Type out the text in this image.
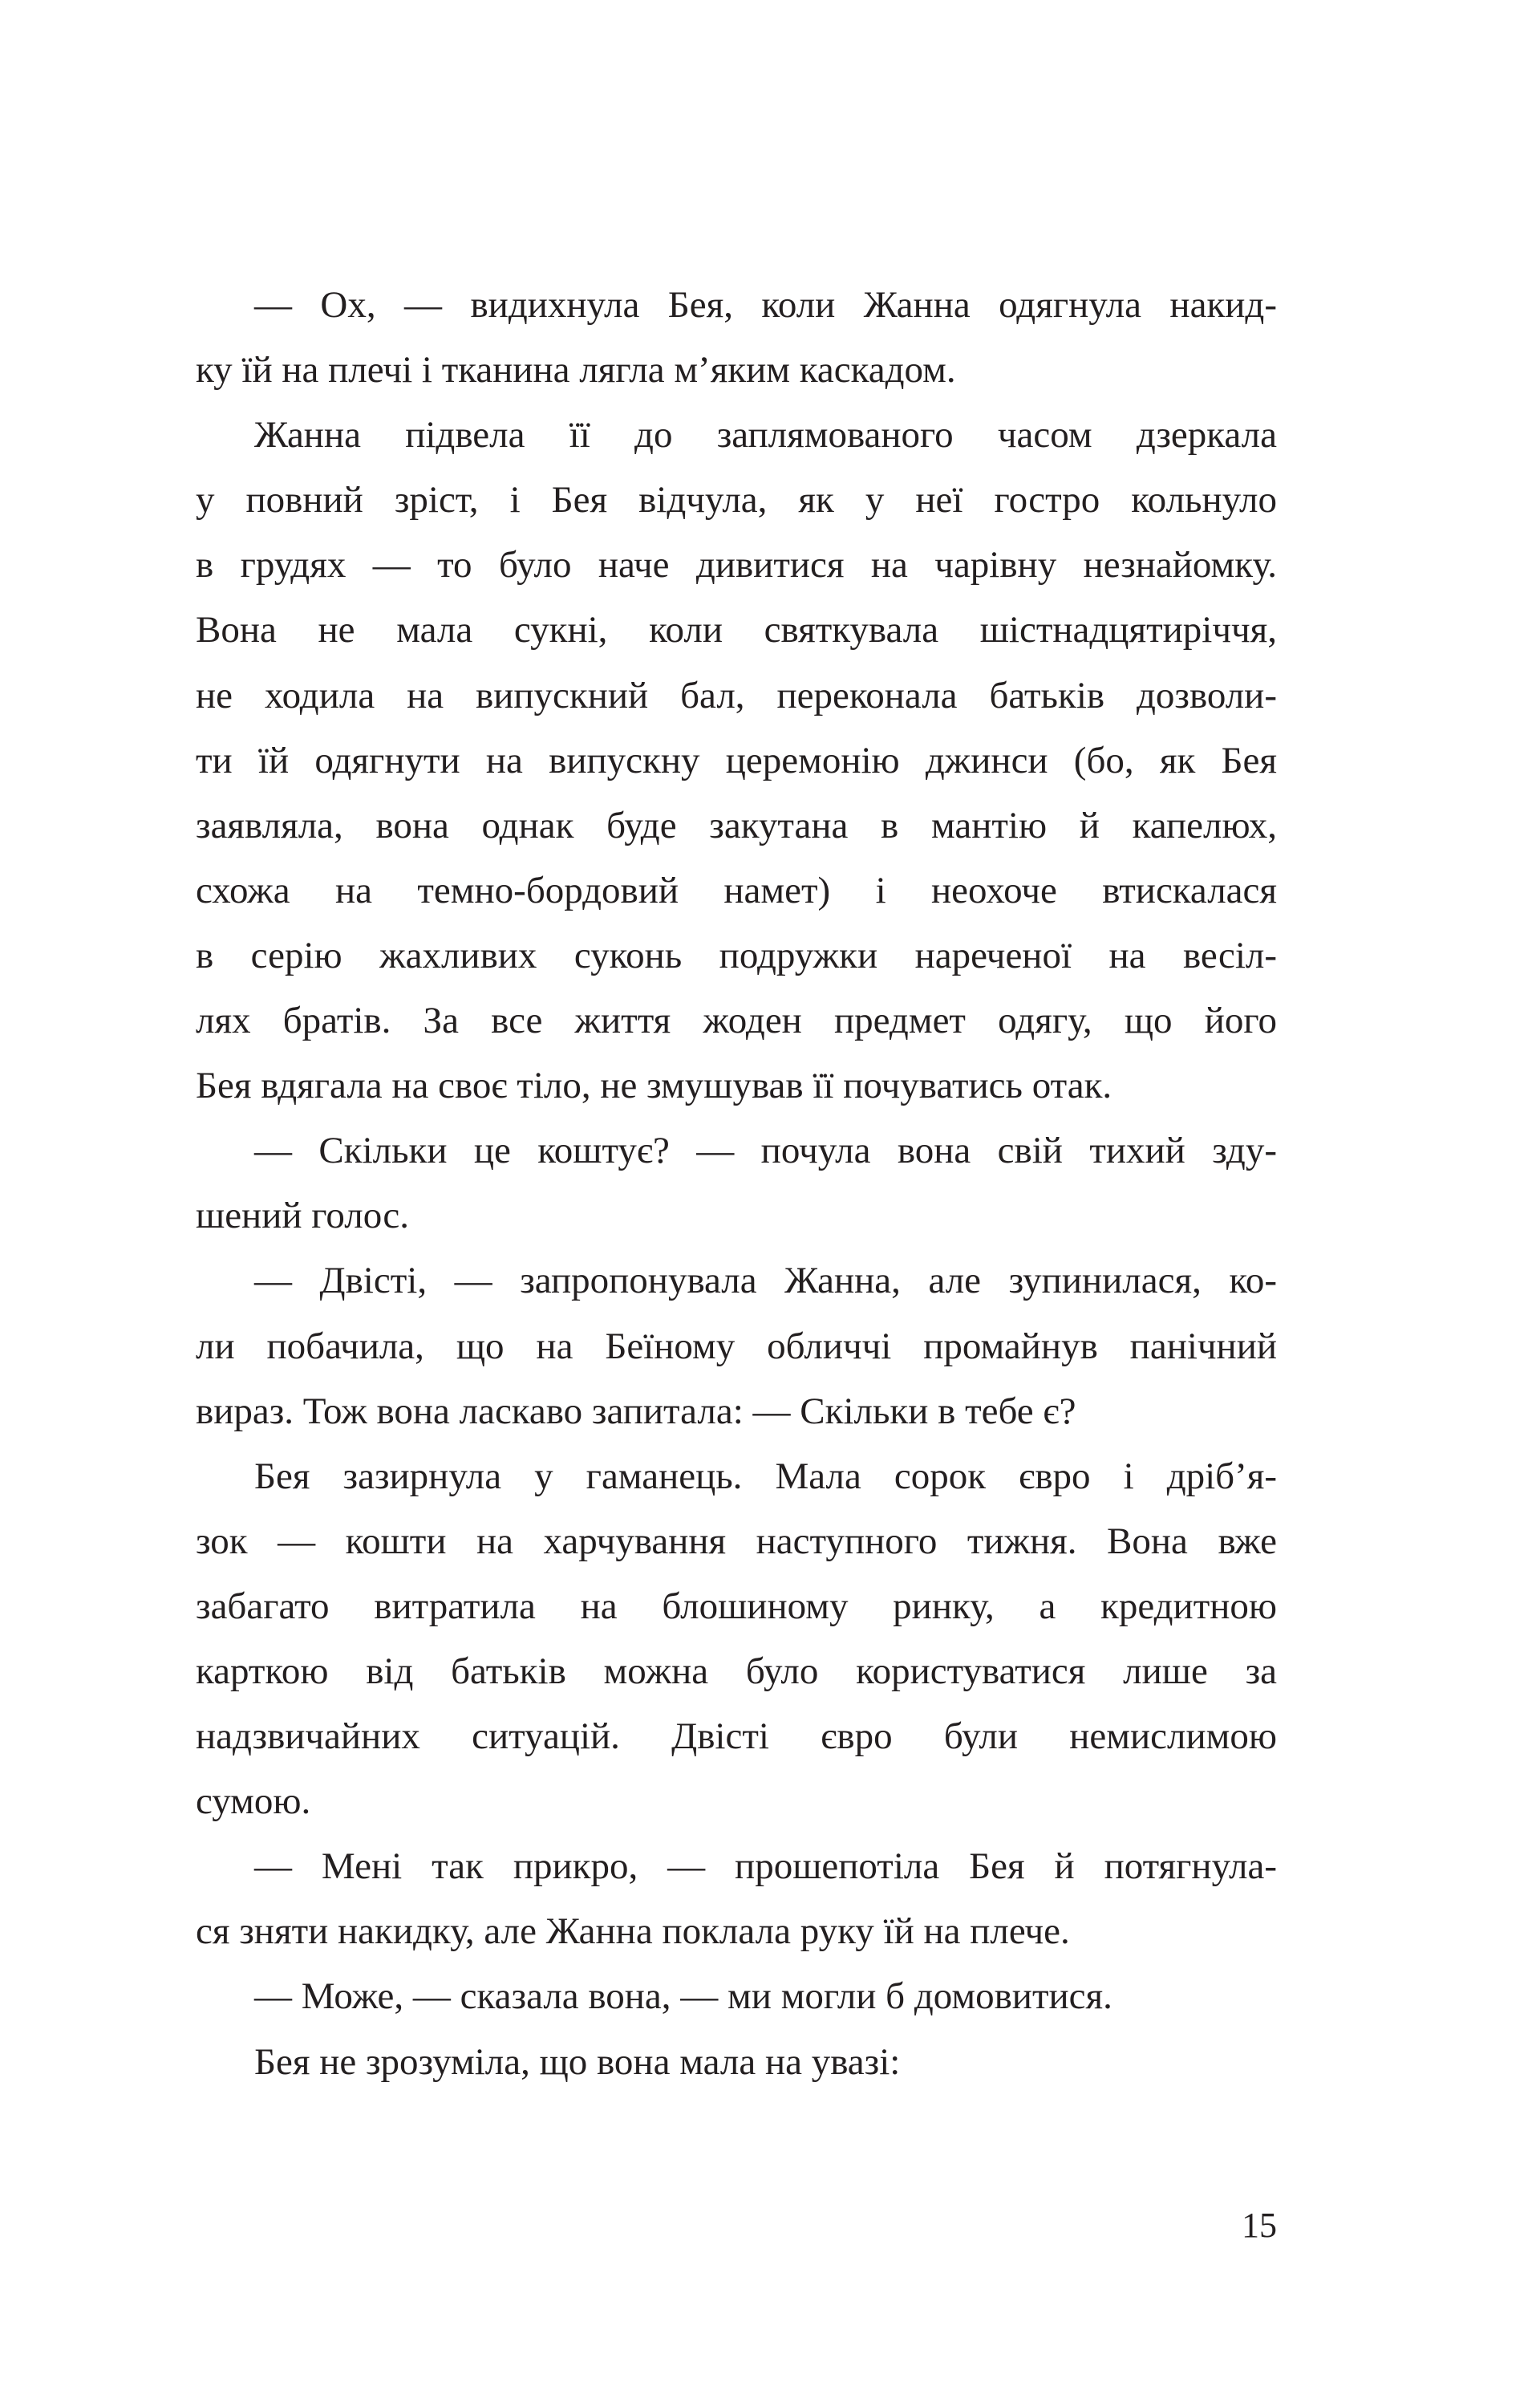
— Ох, — видихнула Бея, коли Жанна одягнула накид-
ку їй на плечі і тканина лягла м’яким каскадом.
Жанна підвела її до заплямованого часом дзеркала
у повний зріст, і Бея відчула, як у неї гостро кольнуло
в грудях — то було наче дивитися на чарівну незнайомку.
Вона не мала сукні, коли святкувала шістнадцятиріччя,
не ходила на випускний бал, переконала батьків дозволи-
ти їй одягнути на випускну церемонію джинси (бо, як Бея
заявляла, вона однак буде закутана в мантію й капелюх,
схожа на темно-бордовий намет) і неохоче втискалася
в серію жахливих суконь подружки нареченої на весіл-
лях братів. За все життя жоден предмет одягу, що його
Бея вдягала на своє тіло, не змушував її почуватись отак.
— Скільки це коштує? — почула вона свій тихий зду-
шений голос.
— Двісті, — запропонувала Жанна, але зупинилася, ко-
ли побачила, що на Беїному обличчі промайнув панічний
вираз. Тож вона ласкаво запитала: — Скільки в тебе є?
Бея зазирнула у гаманець. Мала сорок євро і дріб’я-
зок — кошти на харчування наступного тижня. Вона вже
забагато витратила на блошиному ринку, а кредитною
карткою від батьків можна було користуватися лише за
надзвичайних ситуацій. Двісті євро були немислимою
сумою.
— Мені так прикро, — прошепотіла Бея й потягнула-
ся зняти накидку, але Жанна поклала руку їй на плече.
— Може, — сказала вона, — ми могли б домовитися.
Бея не зрозуміла, що вона мала на увазі:
15
